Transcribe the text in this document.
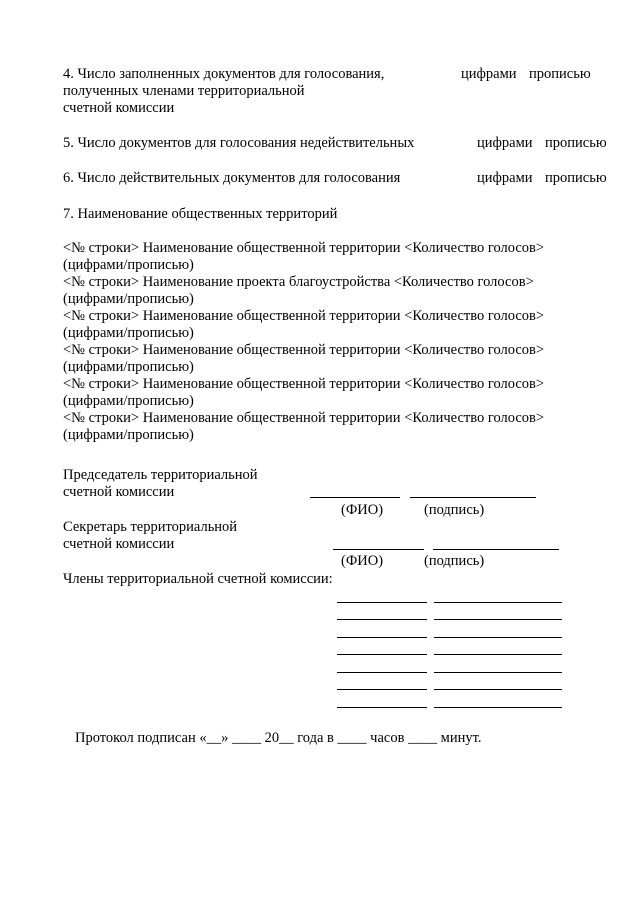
4. Число заполненных документов для голосования,
полученных членами территориальной
счетной комиссии
цифрами прописью
5. Число документов для голосования недействительных	цифрами прописью
6. Число действительных документов для голосования	цифрами прописью
7. Наименование общественных территорий
<№ строки> Наименование общественной территории <Количество голосов>
(цифрами/прописью)
<№ строки> Наименование проекта благоустройства <Количество голосов>
(цифрами/прописью)
<№ строки> Наименование общественной территории <Количество голосов>
(цифрами/прописью)
<№ строки> Наименование общественной территории <Количество голосов>
(цифрами/прописью)
<№ строки> Наименование общественной территории <Количество голосов>
(цифрами/прописью)
<№ строки> Наименование общественной территории <Количество голосов>
(цифрами/прописью)
Председатель территориальной
счетной комиссии
(ФИО)	(подпись)
Секретарь территориальной
счетной комиссии
(ФИО)	(подпись)
Члены территориальной счетной комиссии:
Протокол подписан «__» ____ 20__ года в ____ часов ____ минут.
